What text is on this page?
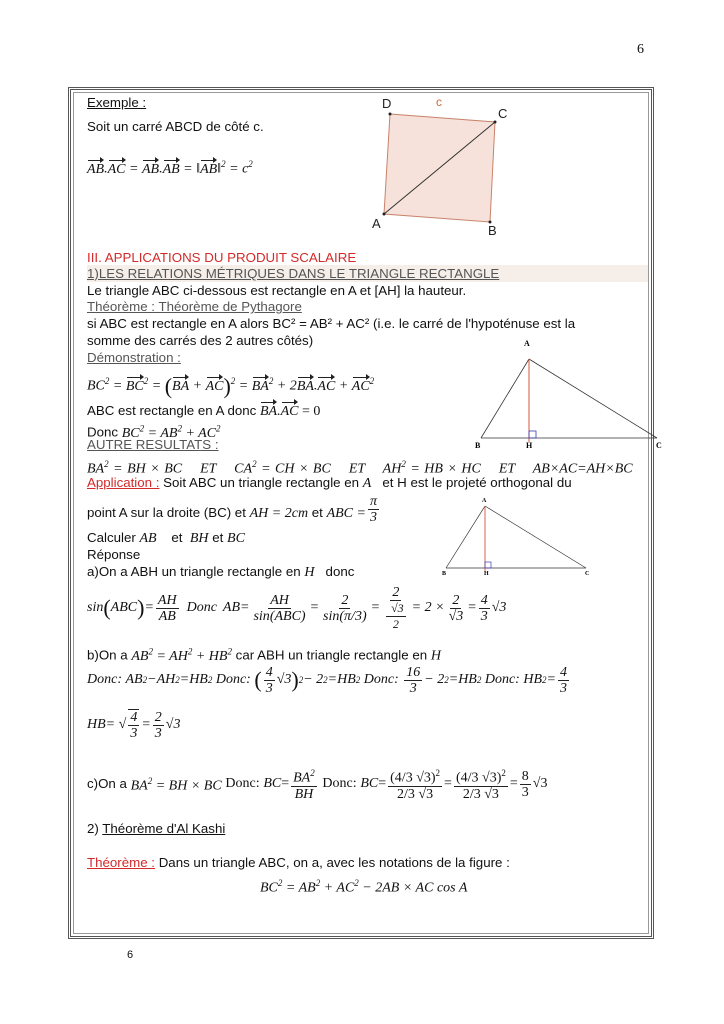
6
Exemple :
Soit un carré ABCD de côté c.
AB.AC = AB.AB = ‖AB‖$^2$ = $c^2$
D	c
C
A	B
III. APPLICATIONS DU PRODUIT SCALAIRE
1)LES RELATIONS MÉTRIQUES DANS LE TRIANGLE RECTANGLE
Le triangle ABC ci-dessous est rectangle en A et [AH] la hauteur.
Théorème : Théorème de Pythagore
si ABC est rectangle en A alors BC² = AB² + AC² (i.e. le carré de l'hypoténuse est la
somme des carrés des 2 autres côtés)
Démonstration :
$BC^2 = BC^2 = (BA + AC)^2 = BA^2 + 2BA.AC + AC^2$
ABC est rectangle en A donc BA.AC = 0
Donc $BC^2 = AB^2 + AC^2$
AUTRE RESULTATS :
$BA^2$ = BH × BC    ET    $CA^2$ = CH × BC    ET    $AH^2$ = HB × HC    ET    AB×AC=AH×BC
A
B	H	C
Application : Soit ABC un triangle rectangle en A et H est le projeté orthogonal du
point A sur la droite (BC) et AH = 2cm et ABC = $\frac{\pi}{3}$
Calculer AB et BH et BC
Réponse
a)On a ABH un triangle rectangle en H donc
sin ( ABC ) = $\frac{AH}{AB}$ Donc AB = $\frac{AH}{\text{sin(ABC)}} = \frac{2}{\sin(\pi/3)} = \frac{2}{\frac{√3}{2}} = 2 \times \frac{2}{√3} = \frac{4}{3} √3$
A
B	H	C
b)On a $AB^2 = AH^2 + HB^2$ car ABH un triangle rectangle en H
Donc: AB 2 − AH 2 = HB 2
Donc:
( $\frac{4}{3} √3$ ) 2 − 2 2 = HB 2
Donc:
$\frac{16}{3} - 2$ 2 = HB 2
Donc: HB $2 = \frac{4}{3}$
HB = √ $\frac{4}{3} = \frac{2}{3} √3$
c)On a
$BA^2$ = BH × BC
Donc:
BC = $\frac{BA^2}{BH}$
Donc:
BC = $\frac{(4/3 √3)^2}{2/3 √3} = \frac{(4/3 √3)^2}{2/3 √3} = \frac{8}{3} √3$
2) Théorème d'Al Kashi
Théorème : Dans un triangle ABC, on a, avec les notations de la figure :
$BC^2 = AB^2 + AC^2 - 2AB$ × AC cos A
6
